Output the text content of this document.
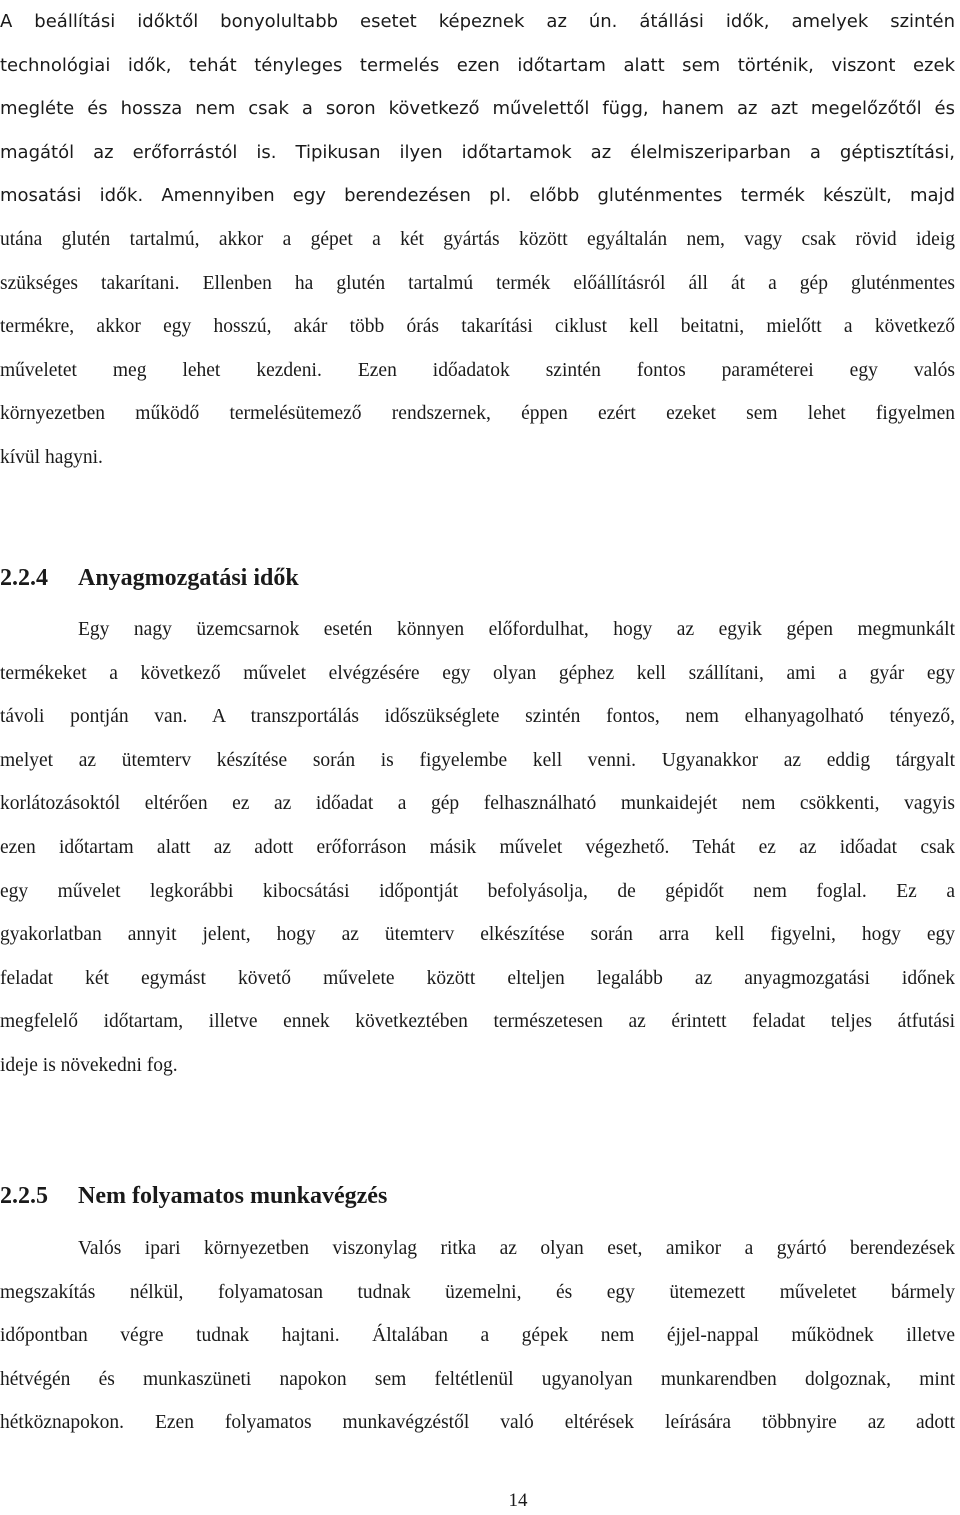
A beállítási időktől bonyolultabb esetet képeznek az ún. átállási idők, amelyek szintén
technológiai idők, tehát tényleges termelés ezen időtartam alatt sem történik, viszont ezek
megléte és hossza nem csak a soron következő művelettől függ, hanem az azt megelőzőtől és
magától az erőforrástól is. Tipikusan ilyen időtartamok az élelmiszeriparban a géptisztítási,
mosatási idők. Amennyiben egy berendezésen pl. előbb gluténmentes termék készült, majd
utána glutén tartalmú, akkor a gépet a két gyártás között egyáltalán nem, vagy csak rövid ideig
szükséges takarítani. Ellenben ha glutén tartalmú termék előállításról áll át a gép gluténmentes
termékre, akkor egy hosszú, akár több órás takarítási ciklust kell beitatni, mielőtt a következő
műveletet meg lehet kezdeni. Ezen időadatok szintén fontos paraméterei egy valós
környezetben működő termelésütemező rendszernek, éppen ezért ezeket sem lehet figyelmen
kívül hagyni.
2.2.4 Anyagmozgatási idők
Egy nagy üzemcsarnok esetén könnyen előfordulhat, hogy az egyik gépen megmunkált
termékeket a következő művelet elvégzésére egy olyan géphez kell szállítani, ami a gyár egy
távoli pontján van. A transzportálás időszükséglete szintén fontos, nem elhanyagolható tényező,
melyet az ütemterv készítése során is figyelembe kell venni. Ugyanakkor az eddig tárgyalt
korlátozásoktól eltérően ez az időadat a gép felhasználható munkaidejét nem csökkenti, vagyis
ezen időtartam alatt az adott erőforráson másik művelet végezhető. Tehát ez az időadat csak
egy művelet legkorábbi kibocsátási időpontját befolyásolja, de gépidőt nem foglal. Ez a
gyakorlatban annyit jelent, hogy az ütemterv elkészítése során arra kell figyelni, hogy egy
feladat két egymást követő művelete között elteljen legalább az anyagmozgatási időnek
megfelelő időtartam, illetve ennek következtében természetesen az érintett feladat teljes átfutási
ideje is növekedni fog.
2.2.5 Nem folyamatos munkavégzés
Valós ipari környezetben viszonylag ritka az olyan eset, amikor a gyártó berendezések
megszakítás nélkül, folyamatosan tudnak üzemelni, és egy ütemezett műveletet bármely
időpontban végre tudnak hajtani. Általában a gépek nem éjjel-nappal működnek illetve
hétvégén és munkaszüneti napokon sem feltétlenül ugyanolyan munkarendben dolgoznak, mint
hétköznapokon. Ezen folyamatos munkavégzéstől való eltérések leírására többnyire az adott
14
